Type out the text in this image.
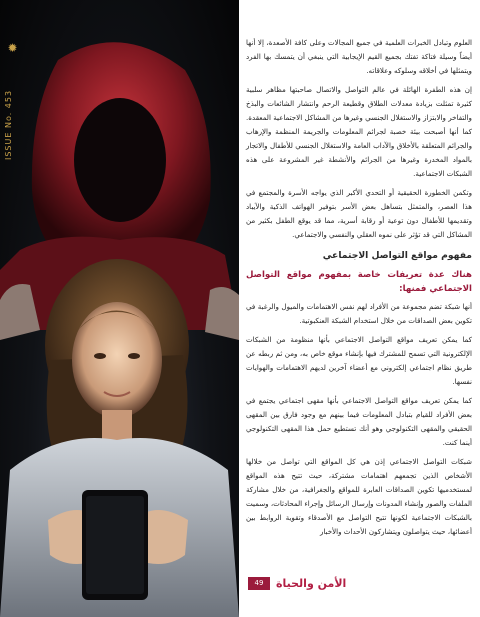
✹
ISSUE No. 453

العلوم وتبادل الخبرات العلمية في جميع المجالات وعلى كافة الأصعدة، إلا أنها أيضاً وسيلة فتاكة تفتك بجميع القيم الإيجابية التي ينبغي أن يتمسك بها الفرد ويتمثلها في أخلاقه وسلوكه وعلاقاته.

إن هذه الطفرة الهائلة في عالم التواصل والاتصال صاحبتها مظاهر سلبية كثيرة تمثلت بزيادة معدلات الطلاق وقطيعة الرحم وانتشار الشائعات والبذخ والتفاخر والابتزاز والاستغلال الجنسي وغيرها من المشاكل الاجتماعية المعقدة. كما أنها أصبحت بيئة خصبة لجرائم المعلومات والجريمة المنظمة والإرهاب والجرائم المتعلقة بالأخلاق والآداب العامة والاستغلال الجنسي للأطفال والاتجار بالمواد المخدرة وغيرها من الجرائم والأنشطة غير المشروعة على هذه الشبكات الاجتماعية.

وتكمن الخطورة الحقيقية أو التحدي الأكبر الذي يواجه الأسرة والمجتمع في هذا العصر، والمتمثل بتساهل بعض الأسر بتوفير الهواتف الذكية والآيباد وتقديمها للأطفال دون توعية أو رقابة أسرية، مما قد يوقع الطفل بكثير من المشاكل التي قد تؤثر على نموه العقلي والنفسي والاجتماعي.

مفهوم مواقع التواصل الاجتماعي
هناك عدة تعريفات خاصة بمفهوم مواقع التواصل الاجتماعي فمنها:

أنها شبكة تضم مجموعة من الأفراد لهم نفس الاهتمامات والميول والرغبة في تكوين بعض الصداقات من خلال استخدام الشبكة العنكبوتية.

كما يمكن تعريف مواقع التواصل الاجتماعي بأنها منظومة من الشبكات الإلكترونية التي تسمح للمشترك فيها بإنشاء موقع خاص به، ومن ثم ربطه عن طريق نظام اجتماعي إلكتروني مع أعضاء آخرين لديهم الاهتمامات والهوايات نفسها.

كما يمكن تعريف مواقع التواصل الاجتماعي بأنها مقهى اجتماعي يجتمع في بعض الأفراد للقيام بتبادل المعلومات فيما بينهم مع وجود فارق بين المقهى الحقيقي والمقهى التكنولوجي وهو أنك تستطيع حمل هذا المقهى التكنولوجي أينما كنت.

شبكات التواصل الاجتماعي إذن هي كل المواقع التي تواصل من خلالها الأشخاص الذين تجمعهم اهتمامات مشتركة، حيث تتيح هذه المواقع لمستخدميها تكوين الصداقات العابرة للمواقع والجغرافية، من خلال مشاركة الملفات والصور وإنشاء المدونات وإرسال الرسائل وإجراء المحادثات، وسميت بالشبكات الاجتماعية لكونها تتيح التواصل مع الأصدقاء وتقوية الروابط بين أعضائها، حيث يتواصلون ويتشاركون الأحداث والأخبار

49	الأمن والحياة
